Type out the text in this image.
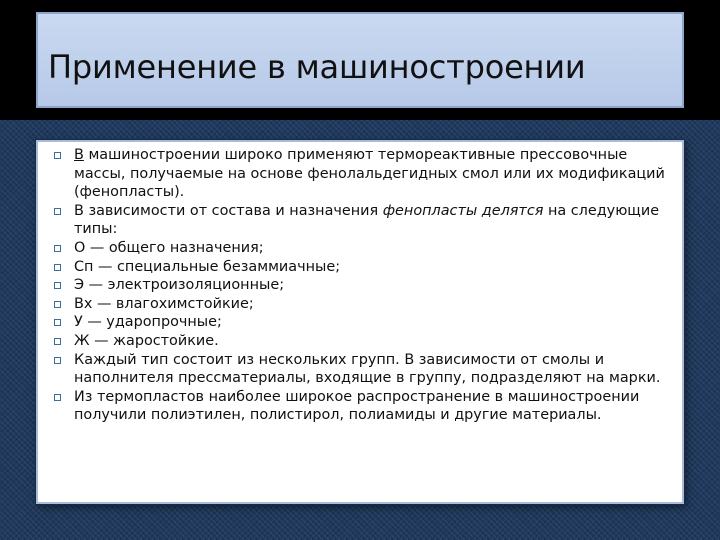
Применение в машиностроении
В машиностроении широко применяют термореактивные прессовочные массы, получаемые на основе фенолальдегидных смол или их модификаций (фенопласты).
В зависимости от состава и назначения фенопласты делятся на следующие типы:
О — общего назначения;
Сп — специальные безаммиачные;
Э — электроизоляционные;
Вх — влагохимстойкие;
У — ударопрочные;
Ж — жаростойкие.
Каждый тип состоит из нескольких групп. В зависимости от смолы и наполнителя прессматериалы, входящие в группу, подразделяют на марки.
Из термопластов наиболее широкое распространение в машиностроении получили полиэтилен, полистирол, полиамиды и другие материалы.
